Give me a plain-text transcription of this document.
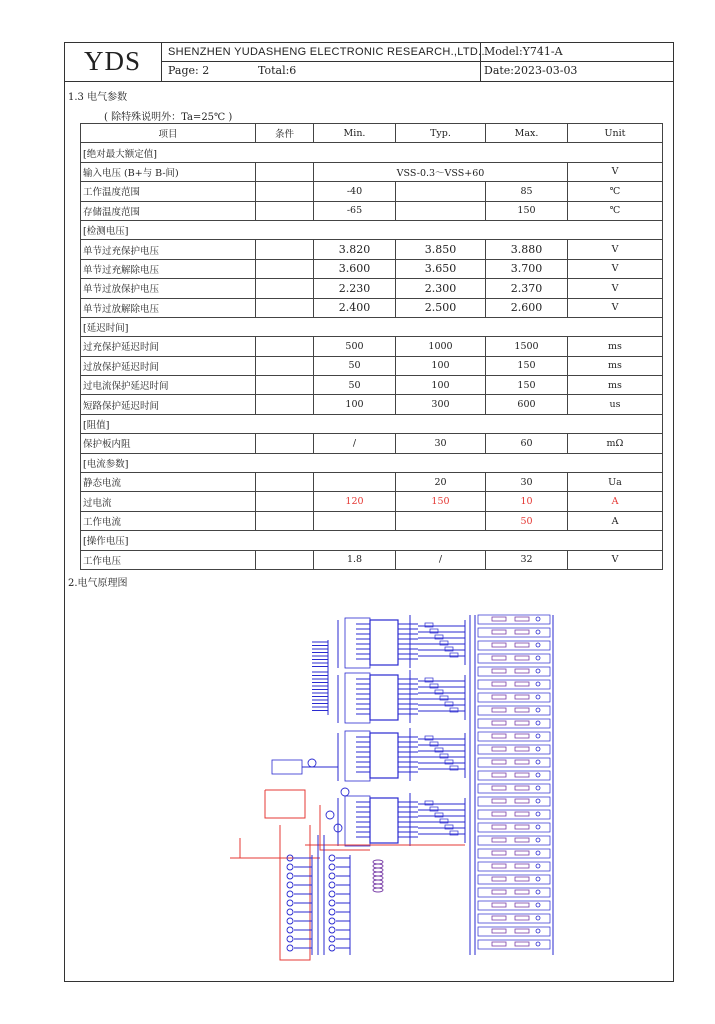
YDS	SHENZHEN YUDASHENG ELECTRONIC RESEARCH.,LTD..
Page: 2	Total:6
Model:Y741-A
Date:2023-03-03
1.3 电气参数
( 除特殊说明外：Ta=25℃ )
项目	条件	Min.	Typ.	Max.	Unit
[绝对最大额定值]					
输入电压 (B+与 B-间)		VSS-0.3～VSS+60			V
工作温度范围		-40		85	℃
存储温度范围		-65		150	℃
[检测电压]					
单节过充保护电压		3.820	3.850	3.880	V
单节过充解除电压		3.600	3.650	3.700	V
单节过放保护电压		2.230	2.300	2.370	V
单节过放解除电压		2.400	2.500	2.600	V
[延迟时间]					
过充保护延迟时间		500	1000	1500	ms
过放保护延迟时间		50	100	150	ms
过电流保护延迟时间		50	100	150	ms
短路保护延迟时间		100	300	600	us
[阻值]					
保护板内阻		/	30	60	mΩ
[电流参数]					
静态电流			20	30	Ua
过电流		120	150	10	A
工作电流				50	A
[操作电压]					
工作电压		1.8	/	32	V
2.电气原理图
